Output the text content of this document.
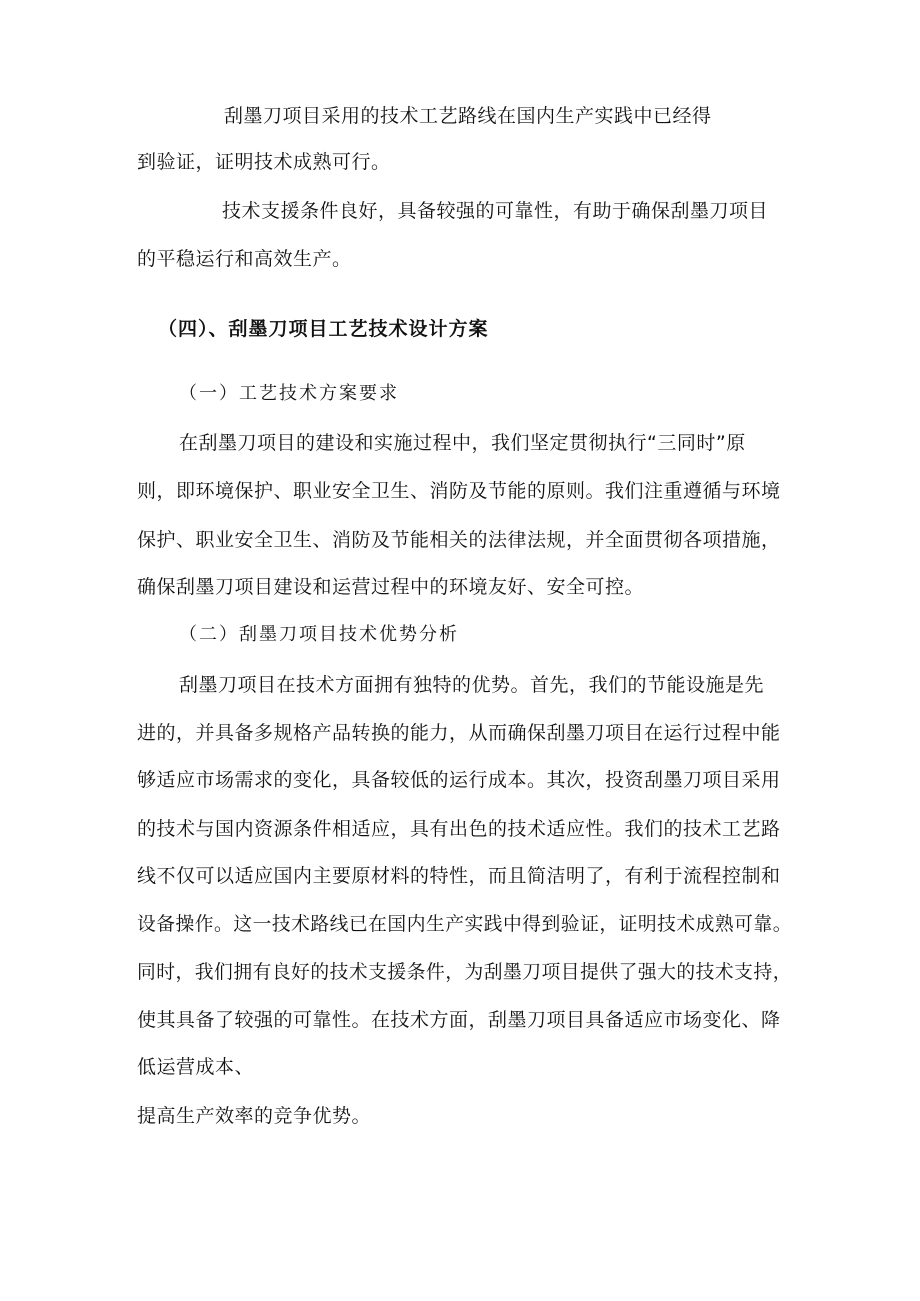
刮墨刀项目采用的技术工艺路线在国内生产实践中已经得
到验证，证明技术成熟可行。
技术支援条件良好，具备较强的可靠性，有助于确保刮墨刀项目
的平稳运行和高效生产。
（四）、刮墨刀项目工艺技术设计方案
（一）工艺技术方案要求
在刮墨刀项目的建设和实施过程中，我们坚定贯彻执行“三同时”原
则，即环境保护、职业安全卫生、消防及节能的原则。我们注重遵循与环境
保护、职业安全卫生、消防及节能相关的法律法规，并全面贯彻各项措施，
确保刮墨刀项目建设和运营过程中的环境友好、安全可控。
（二）刮墨刀项目技术优势分析
刮墨刀项目在技术方面拥有独特的优势。首先，我们的节能设施是先
进的，并具备多规格产品转换的能力，从而确保刮墨刀项目在运行过程中能
够适应市场需求的变化，具备较低的运行成本。其次，投资刮墨刀项目采用
的技术与国内资源条件相适应，具有出色的技术适应性。我们的技术工艺路
线不仅可以适应国内主要原材料的特性，而且简洁明了，有利于流程控制和
设备操作。这一技术路线已在国内生产实践中得到验证，证明技术成熟可靠。
同时，我们拥有良好的技术支援条件，为刮墨刀项目提供了强大的技术支持，
使其具备了较强的可靠性。在技术方面，刮墨刀项目具备适应市场变化、降
低运营成本、
提高生产效率的竞争优势。
